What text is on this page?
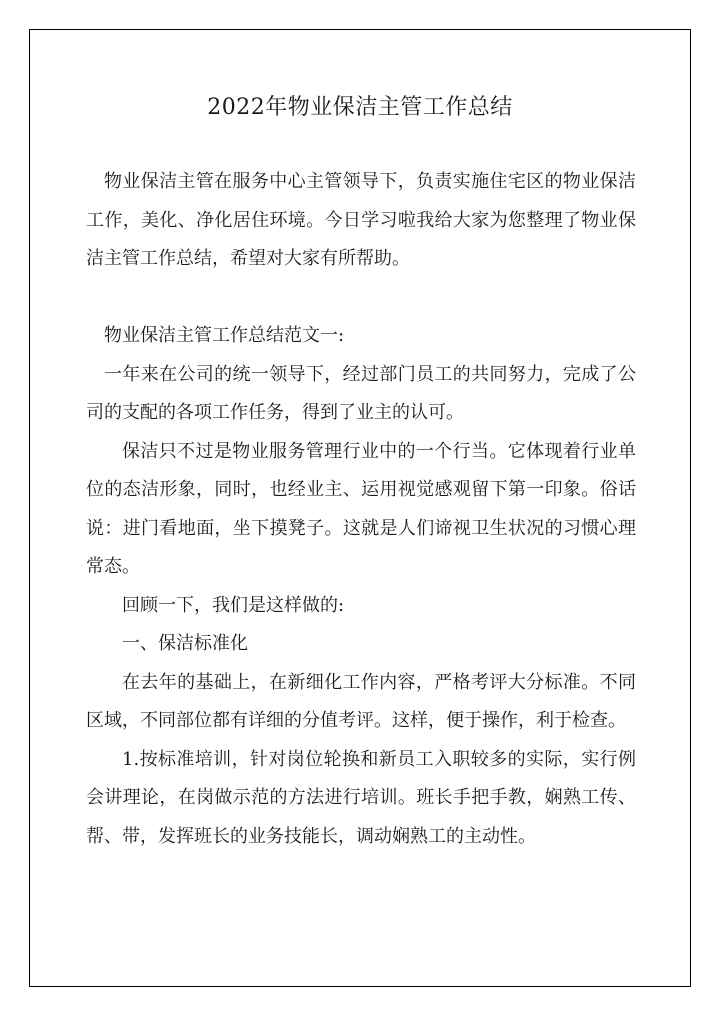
2022年物业保洁主管工作总结

物业保洁主管在服务中心主管领导下，负责实施住宅区的物业保洁工作，美化、净化居住环境。今日学习啦我给大家为您整理了物业保洁主管工作总结，希望对大家有所帮助。

物业保洁主管工作总结范文一:

一年来在公司的统一领导下，经过部门员工的共同努力，完成了公司的支配的各项工作任务，得到了业主的认可。

保洁只不过是物业服务管理行业中的一个行当。它体现着行业单位的态洁形象，同时，也经业主、运用视觉感观留下第一印象。俗话说：进门看地面，坐下摸凳子。这就是人们谛视卫生状况的习惯心理常态。

回顾一下，我们是这样做的:

一、保洁标准化

在去年的基础上，在新细化工作内容，严格考评大分标准。不同区域，不同部位都有详细的分值考评。这样，便于操作，利于检查。

1.按标准培训，针对岗位轮换和新员工入职较多的实际，实行例会讲理论，在岗做示范的方法进行培训。班长手把手教，娴熟工传、帮、带，发挥班长的业务技能长，调动娴熟工的主动性。
